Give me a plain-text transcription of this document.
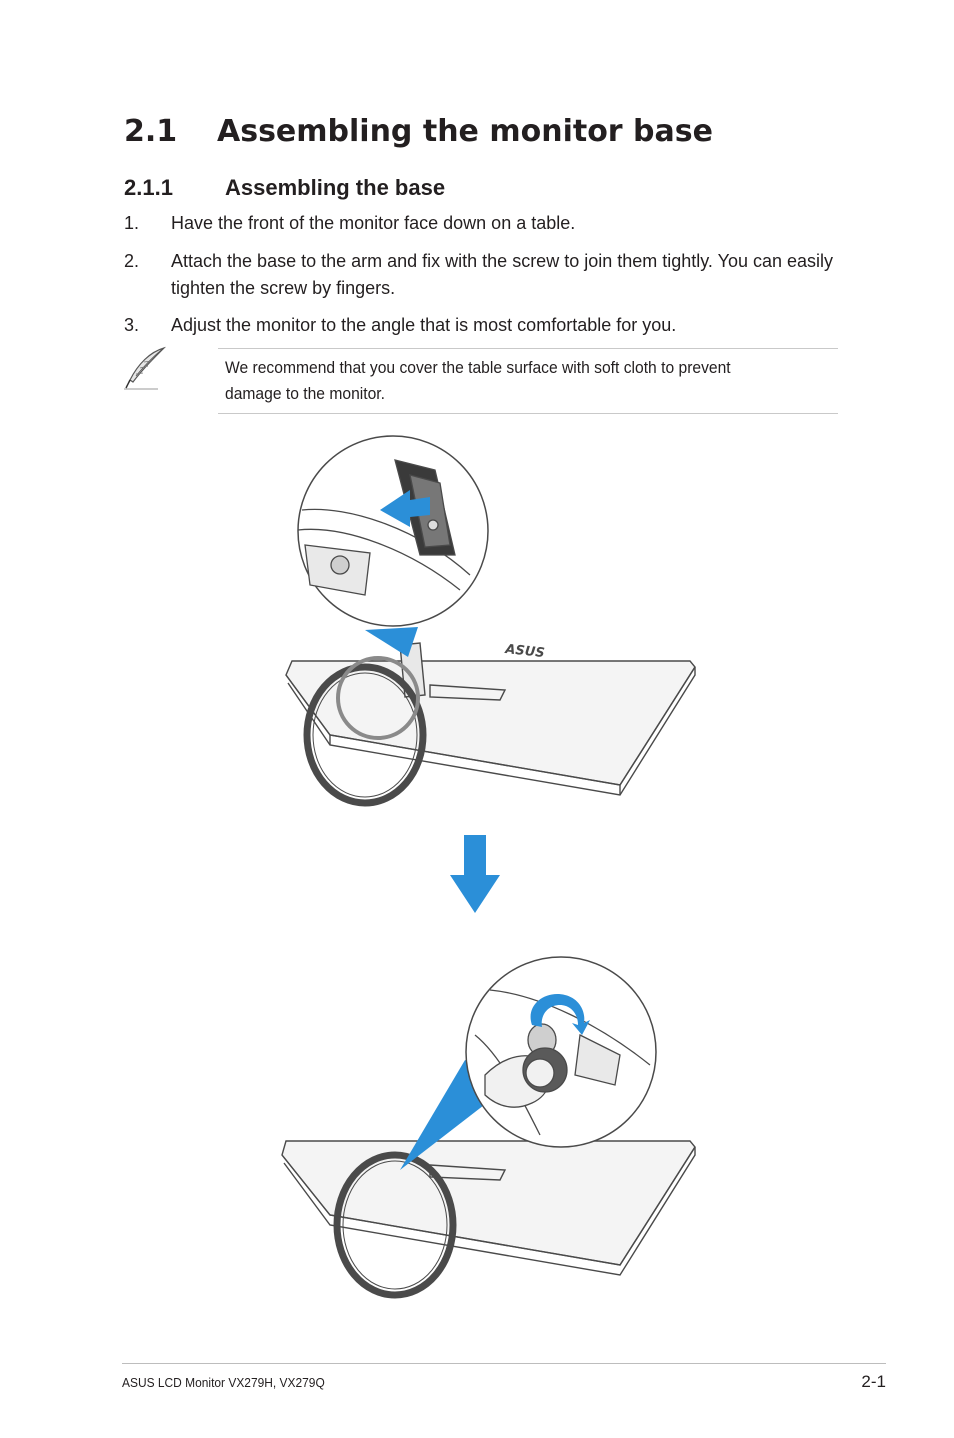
2.1 Assembling the monitor base
2.1.1 Assembling the base
1. Have the front of the monitor face down on a table.
2. Attach the base to the arm and fix with the screw to join them tightly. You can easily tighten the screw by fingers.
3. Adjust the monitor to the angle that is most comfortable for you.
We recommend that you cover the table surface with soft cloth to prevent damage to the monitor.
ASUS
ASUS LCD Monitor VX279H, VX279Q	2-1
